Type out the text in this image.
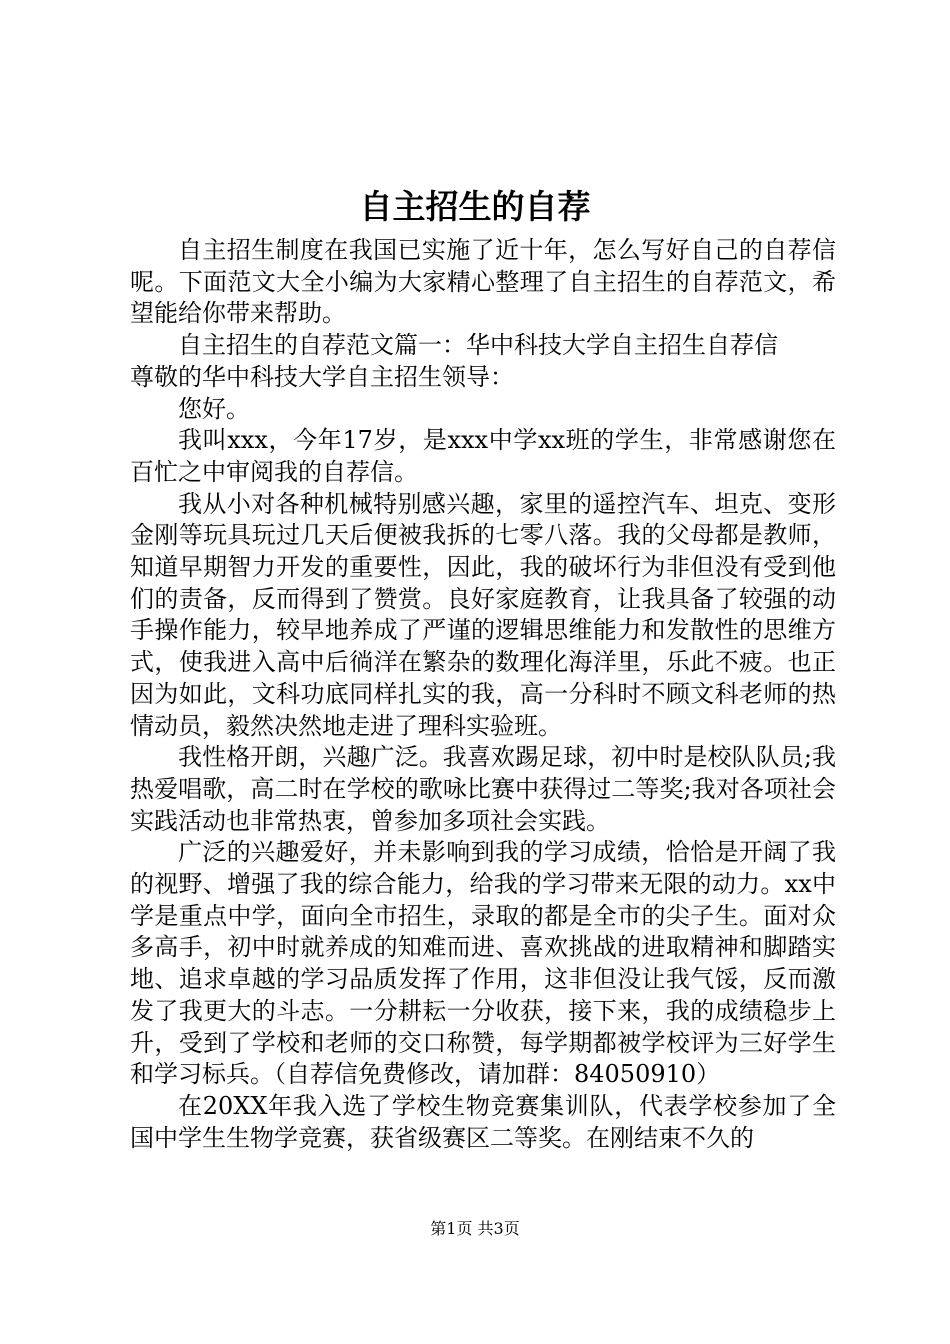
自主招生的自荐

自主招生制度在我国已实施了近十年，怎么写好自己的自荐信呢。下面范文大全小编为大家精心整理了自主招生的自荐范文，希望能给你带来帮助。

自主招生的自荐范文篇一：华中科技大学自主招生自荐信

尊敬的华中科技大学自主招生领导：

您好。

我叫xxx，今年17岁，是xxx中学xx班的学生，非常感谢您在百忙之中审阅我的自荐信。

我从小对各种机械特别感兴趣，家里的遥控汽车、坦克、变形金刚等玩具玩过几天后便被我拆的七零八落。我的父母都是教师，知道早期智力开发的重要性，因此，我的破坏行为非但没有受到他们的责备，反而得到了赞赏。良好家庭教育，让我具备了较强的动手操作能力，较早地养成了严谨的逻辑思维能力和发散性的思维方式，使我进入高中后徜洋在繁杂的数理化海洋里，乐此不疲。也正因为如此，文科功底同样扎实的我，高一分科时不顾文科老师的热情动员，毅然决然地走进了理科实验班。

我性格开朗，兴趣广泛。我喜欢踢足球，初中时是校队队员;我热爱唱歌，高二时在学校的歌咏比赛中获得过二等奖;我对各项社会实践活动也非常热衷，曾参加多项社会实践。

广泛的兴趣爱好，并未影响到我的学习成绩，恰恰是开阔了我的视野、增强了我的综合能力，给我的学习带来无限的动力。xx中学是重点中学，面向全市招生，录取的都是全市的尖子生。面对众多高手，初中时就养成的知难而进、喜欢挑战的进取精神和脚踏实地、追求卓越的学习品质发挥了作用，这非但没让我气馁，反而激发了我更大的斗志。一分耕耘一分收获，接下来，我的成绩稳步上升，受到了学校和老师的交口称赞，每学期都被学校评为三好学生和学习标兵。（自荐信免费修改，请加群：84050910）

在20XX年我入选了学校生物竞赛集训队，代表学校参加了全国中学生生物学竞赛，获省级赛区二等奖。在刚结束不久的

第1页 共3页
